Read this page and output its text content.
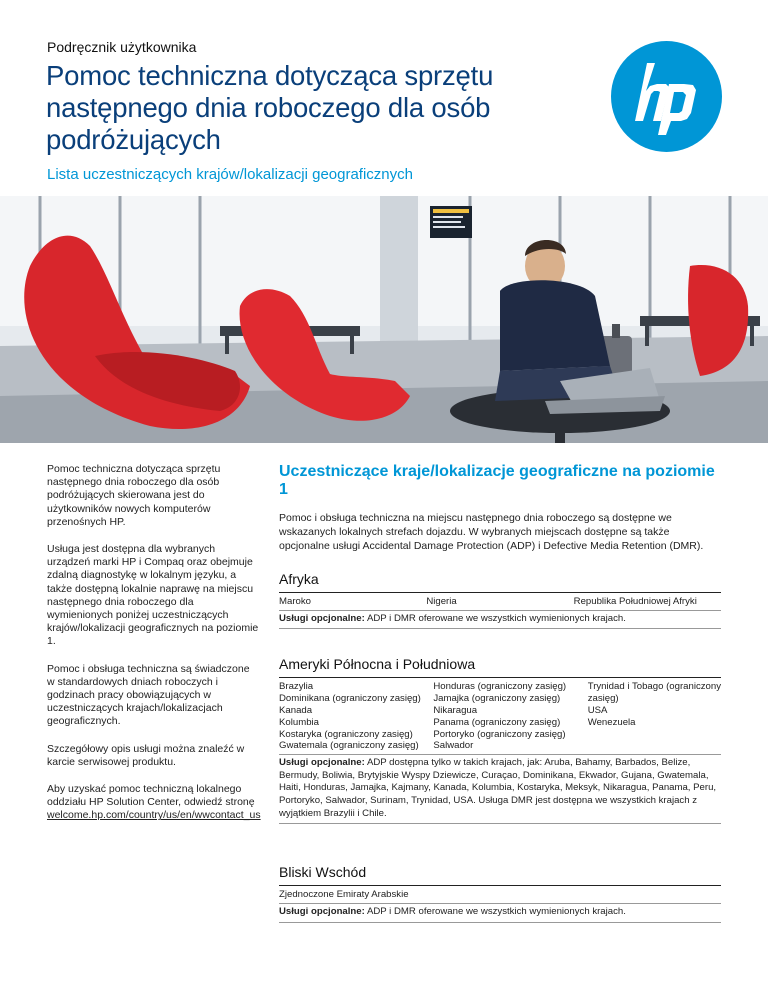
Podręcznik użytkownika
Pomoc techniczna dotycząca sprzętu następnego dnia roboczego dla osób podróżujących
Lista uczestniczących krajów/lokalizacji geograficznych

Pomoc techniczna dotycząca sprzętu następnego dnia roboczego dla osób podróżujących skierowana jest do użytkowników nowych komputerów przenośnych HP.

Usługa jest dostępna dla wybranych urządzeń marki HP i Compaq oraz obejmuje zdalną diagnostykę w lokalnym języku, a także dostępną lokalnie naprawę na miejscu następnego dnia roboczego dla wymienionych poniżej uczestniczących krajów/lokalizacji geograficznych na poziomie 1.

Pomoc i obsługa techniczna są świadczone w standardowych dniach roboczych i godzinach pracy obowiązujących w uczestniczących krajach/lokalizacjach geograficznych.

Szczegółowy opis usługi można znaleźć w karcie serwisowej produktu.

Aby uzyskać pomoc techniczną lokalnego oddziału HP Solution Center, odwiedź stronę
welcome.hp.com/country/us/en/wwcontact_us

Uczestniczące kraje/lokalizacje geograficzne na poziomie 1

Pomoc i obsługa techniczna na miejscu następnego dnia roboczego są dostępne we wskazanych lokalnych strefach dojazdu. W wybranych miejscach dostępne są także opcjonalne usługi Accidental Damage Protection (ADP) i Defective Media Retention (DMR).

Afryka
Maroko	Nigeria	Republika Południowej Afryki
Usługi opcjonalne: ADP i DMR oferowane we wszystkich wymienionych krajach.
Ameryki Północna i Południowa
Brazylia
Dominikana (ograniczony zasięg)
Kanada
Kolumbia
Kostaryka (ograniczony zasięg)
Gwatemala (ograniczony zasięg)
Honduras (ograniczony zasięg)
Jamajka (ograniczony zasięg)
Nikaragua
Panama (ograniczony zasięg)
Portoryko (ograniczony zasięg)
Salwador
Trynidad i Tobago (ograniczony
zasięg)
USA
Wenezuela
Usługi opcjonalne: ADP dostępna tylko w takich krajach, jak: Aruba, Bahamy, Barbados, Belize, Bermudy, Boliwia, Brytyjskie Wyspy Dziewicze, Curaçao, Dominikana, Ekwador, Gujana, Gwatemala, Haiti, Honduras, Jamajka, Kajmany, Kanada, Kolumbia, Kostaryka, Meksyk, Nikaragua, Panama, Peru, Portoryko, Salwador, Surinam, Trynidad, USA. Usługa DMR jest dostępna we wszystkich krajach z wyjątkiem Brazylii i Chile.
Bliski Wschód
Zjednoczone Emiraty Arabskie
Usługi opcjonalne: ADP i DMR oferowane we wszystkich wymienionych krajach.
